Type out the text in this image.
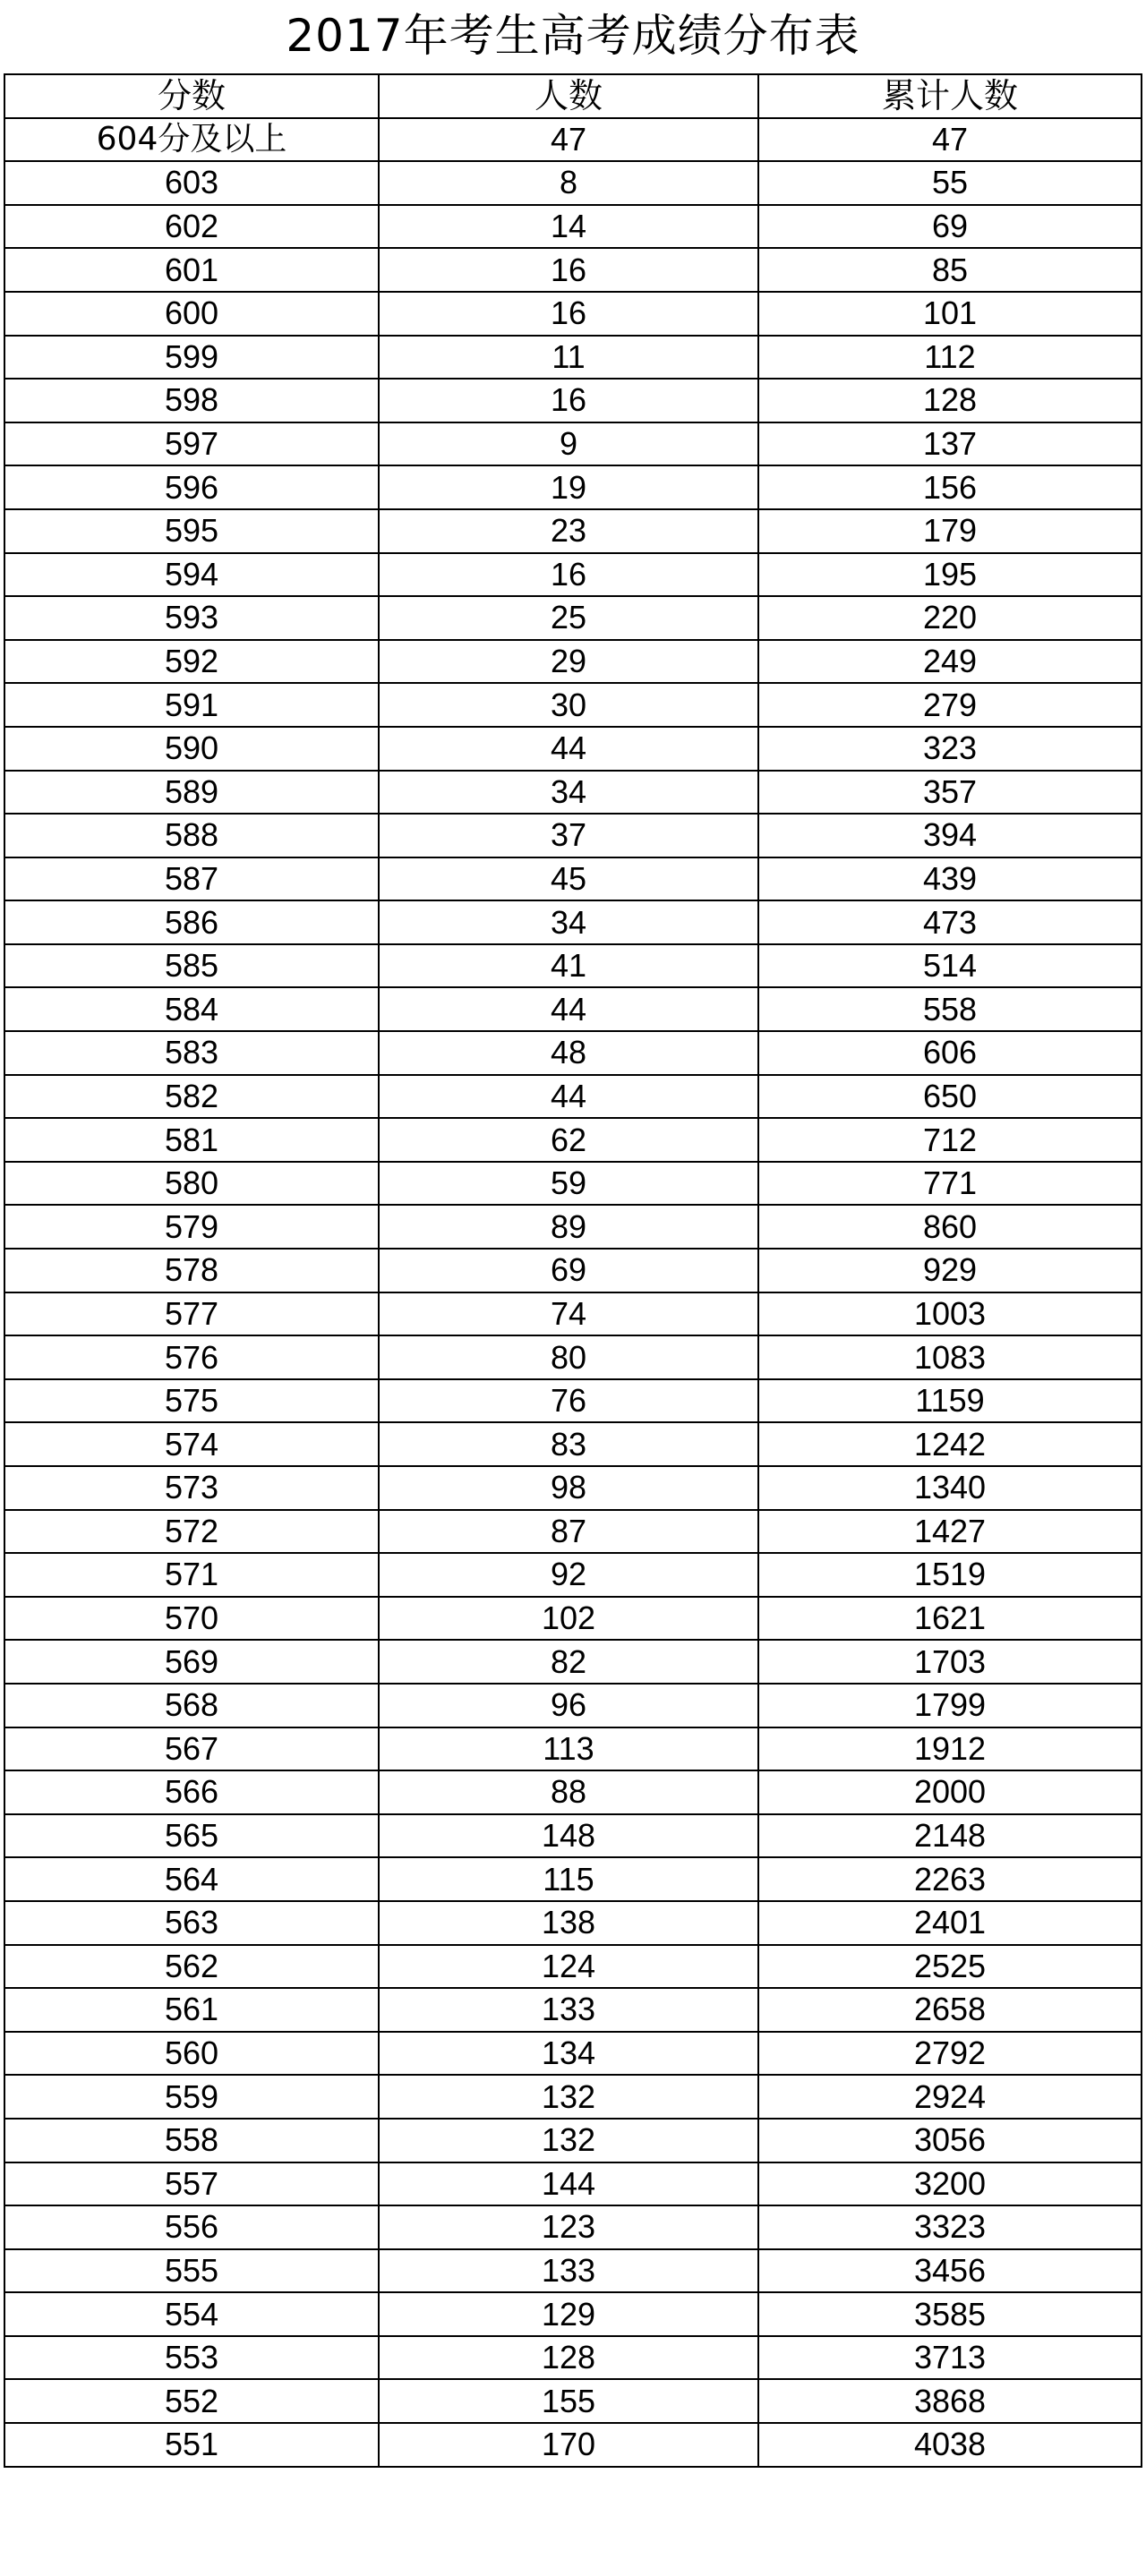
2017年考生高考成绩分布表
分数	人数	累计人数
604分及以上	47	47
603	8	55
602	14	69
601	16	85
600	16	101
599	11	112
598	16	128
597	9	137
596	19	156
595	23	179
594	16	195
593	25	220
592	29	249
591	30	279
590	44	323
589	34	357
588	37	394
587	45	439
586	34	473
585	41	514
584	44	558
583	48	606
582	44	650
581	62	712
580	59	771
579	89	860
578	69	929
577	74	1003
576	80	1083
575	76	1159
574	83	1242
573	98	1340
572	87	1427
571	92	1519
570	102	1621
569	82	1703
568	96	1799
567	113	1912
566	88	2000
565	148	2148
564	115	2263
563	138	2401
562	124	2525
561	133	2658
560	134	2792
559	132	2924
558	132	3056
557	144	3200
556	123	3323
555	133	3456
554	129	3585
553	128	3713
552	155	3868
551	170	4038
